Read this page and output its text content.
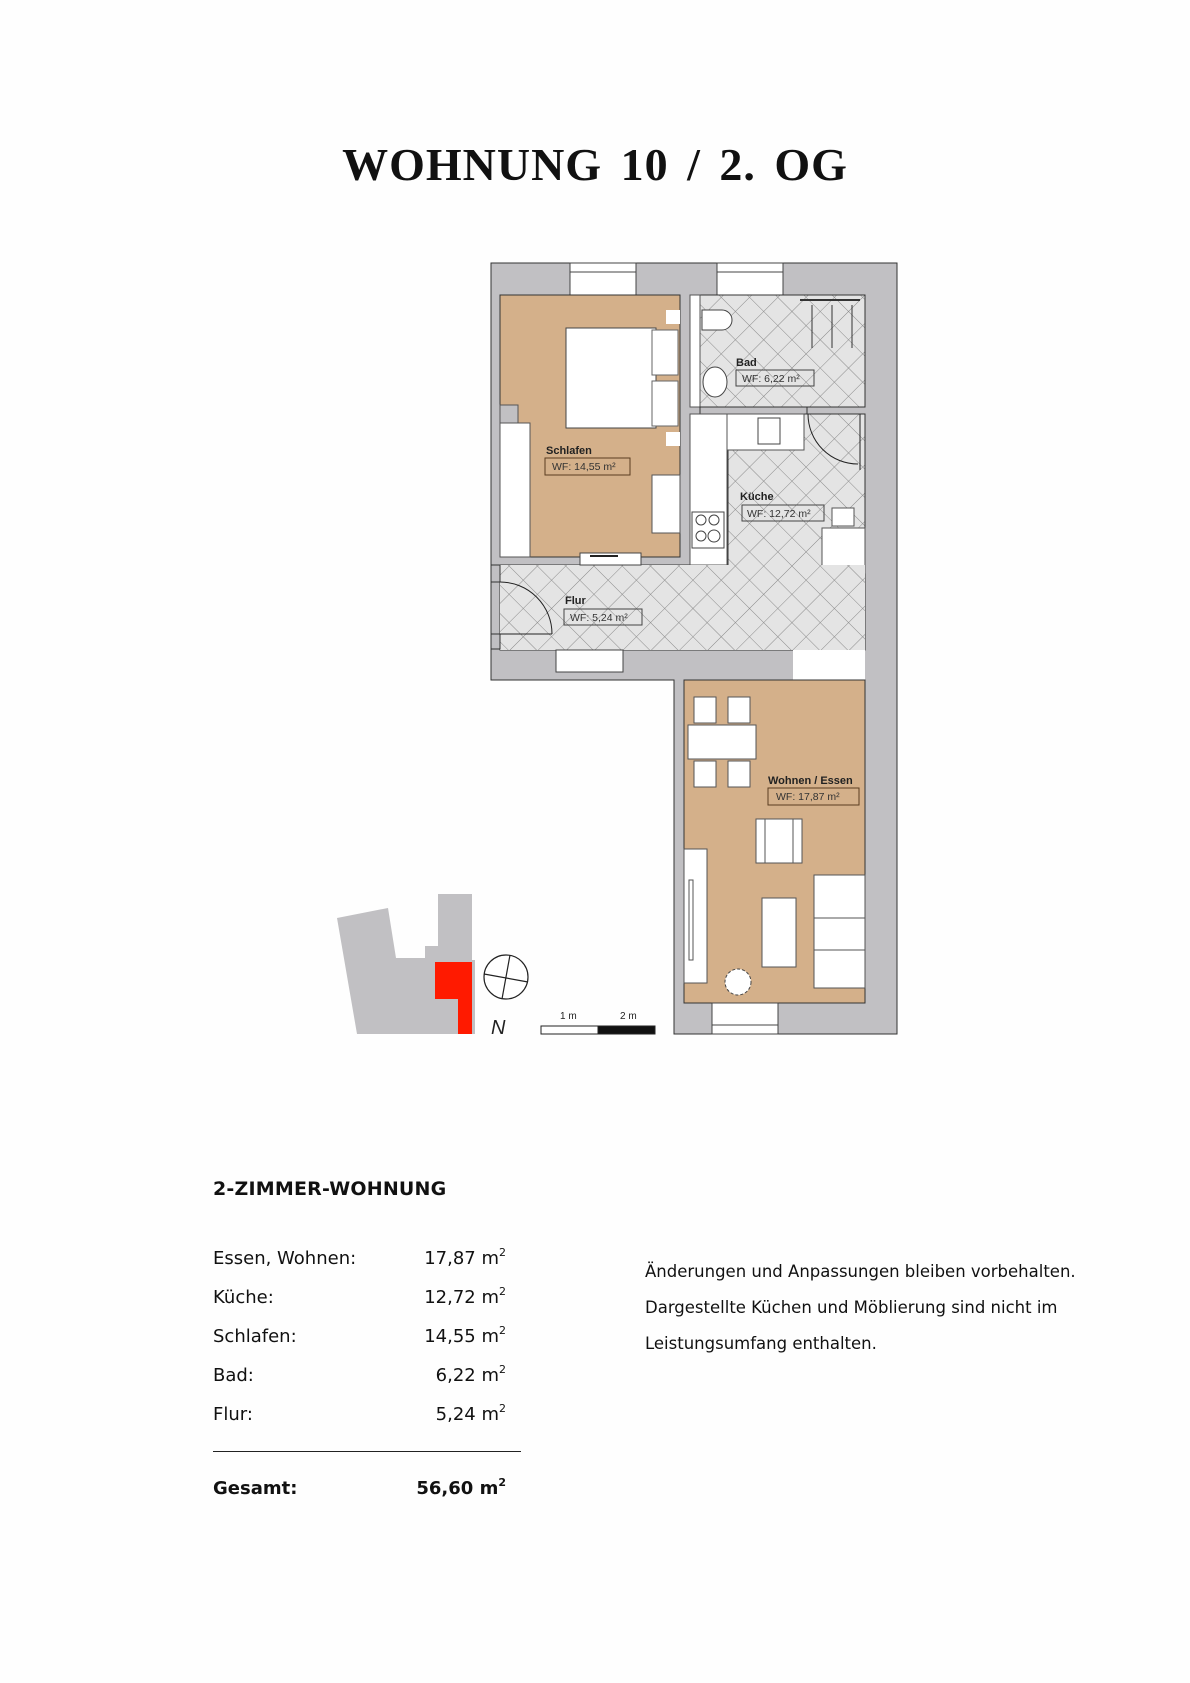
WOHNUNG 10 / 2. OG
Schlafen
WF: 14,55 m²
Bad
WF: 6,22 m²
Küche
WF: 12,72 m²
Flur
WF: 5,24 m²
Wohnen / Essen
WF: 17,87 m²
N
1 m	2 m
2-ZIMMER-WOHNUNG
Essen, Wohnen:	17,87 $m^2$
Küche:	12,72 $m^2$
Schlafen:	14,55 $m^2$
Bad:	6,22 $m^2$
Flur:	5,24 $m^2$
Gesamt:	56,60 $m^2$

Änderungen und Anpassungen bleiben vorbehalten.

Dargestellte Küchen und Möblierung sind nicht im

Leistungsumfang enthalten.
